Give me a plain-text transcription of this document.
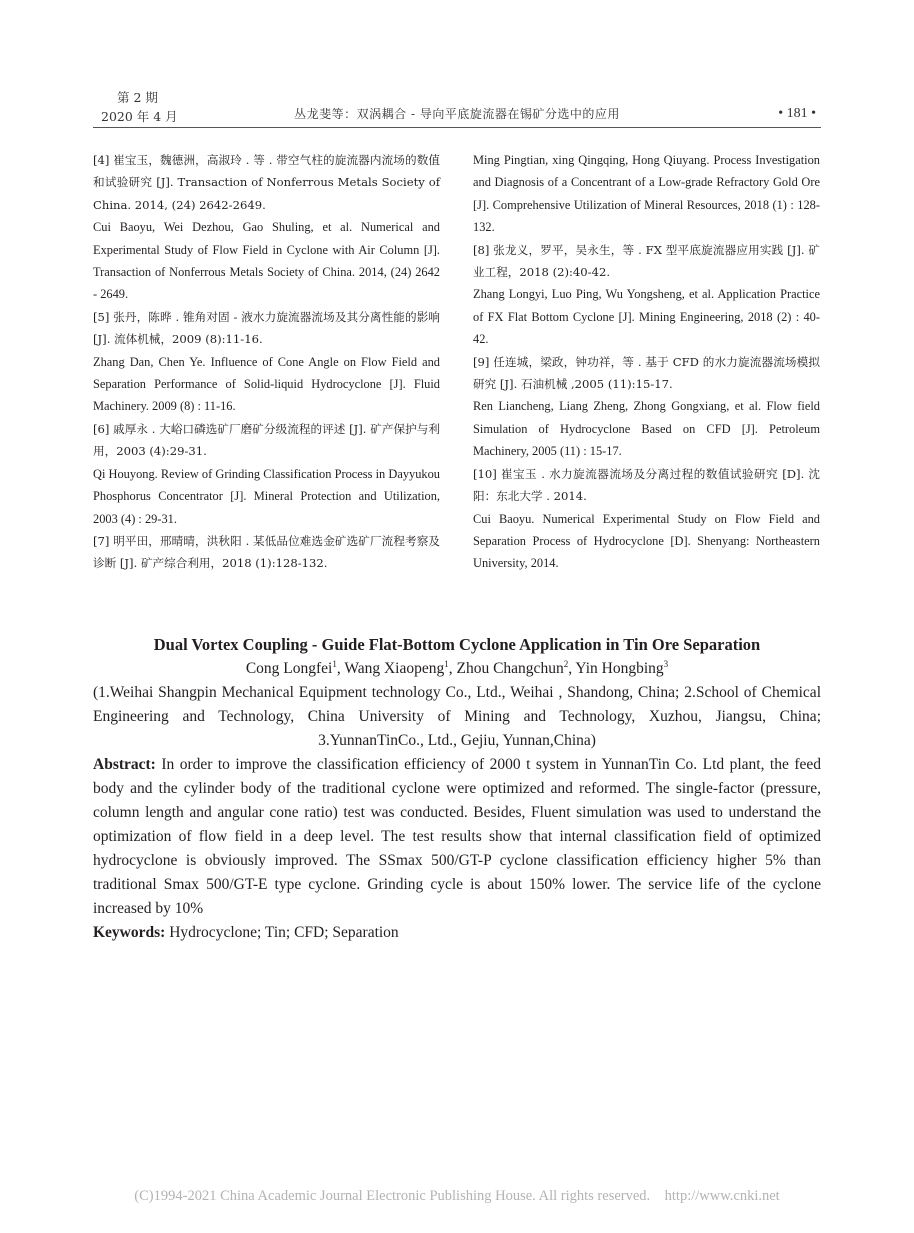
第 2 期
2020 年 4 月	丛龙斐等：双涡耦合 - 导向平底旋流器在锡矿分选中的应用	• 181 •

[4] 崔宝玉，魏德洲，高淑玲 . 等 . 带空气柱的旋流器内流场的数值和试验研究 [J]. Transaction of Nonferrous Metals Society of China. 2014, (24) 2642-2649.

Cui Baoyu, Wei Dezhou, Gao Shuling, et al. Numerical and Experimental Study of Flow Field in Cyclone with Air Column [J]. Transaction of Nonferrous Metals Society of China. 2014, (24) 2642 - 2649.

[5] 张丹，陈晔 . 锥角对固 - 液水力旋流器流场及其分离性能的影响 [J]. 流体机械，2009 (8):11-16.

Zhang Dan, Chen Ye. Influence of Cone Angle on Flow Field and Separation Performance of Solid-liquid Hydrocyclone [J]. Fluid Machinery. 2009 (8) : 11-16.

[6] 戚厚永 . 大峪口磷选矿厂磨矿分级流程的评述 [J]. 矿产保护与利用，2003 (4):29-31.

Qi Houyong. Review of Grinding Classification Process in Dayyukou Phosphorus Concentrator [J]. Mineral Protection and Utilization, 2003 (4) : 29-31.

[7] 明平田，邢晴晴，洪秋阳 . 某低品位难选金矿选矿厂流程考察及诊断 [J]. 矿产综合利用，2018 (1):128-132.

Ming Pingtian, xing Qingqing, Hong Qiuyang. Process Investigation and Diagnosis of a Concentrant of a Low-grade Refractory Gold Ore [J]. Comprehensive Utilization of Mineral Resources, 2018 (1) : 128-132.

[8] 张龙义，罗平，吴永生，等 . FX 型平底旋流器应用实践 [J]. 矿业工程，2018 (2):40-42.

Zhang Longyi, Luo Ping, Wu Yongsheng, et al. Application Practice of FX Flat Bottom Cyclone [J]. Mining Engineering, 2018 (2) : 40-42.

[9] 任连城，梁政，钟功祥，等 . 基于 CFD 的水力旋流器流场模拟研究 [J]. 石油机械 ,2005 (11):15-17.

Ren Liancheng, Liang Zheng, Zhong Gongxiang, et al. Flow field Simulation of Hydrocyclone Based on CFD [J]. Petroleum Machinery, 2005 (11) : 15-17.

[10] 崔宝玉 . 水力旋流器流场及分离过程的数值试验研究 [D]. 沈阳：东北大学 . 2014.

Cui Baoyu. Numerical Experimental Study on Flow Field and Separation Process of Hydrocyclone [D]. Shenyang: Northeastern University, 2014.

Dual Vortex Coupling - Guide Flat-Bottom Cyclone Application in Tin Ore Separation

Cong Longfei$^1$, Wang Xiaopeng$^1$, Zhou Changchun$^2$, Yin Hongbing$^3$

(1.Weihai Shangpin Mechanical Equipment technology Co., Ltd., Weihai , Shandong, China; 2.School of Chemical Engineering and Technology, China University of Mining and Technology, Xuzhou, Jiangsu, China; 3.YunnanTinCo., Ltd., Gejiu, Yunnan,China)

Abstract: In order to improve the classification efficiency of 2000 t system in YunnanTin Co. Ltd plant, the feed body and the cylinder body of the traditional cyclone were optimized and reformed. The single-factor (pressure, column length and angular cone ratio) test was conducted. Besides, Fluent simulation was used to understand the optimization of flow field in a deep level. The test results show that internal classification field of optimized hydrocyclone is obviously improved. The SSmax 500/GT-P cyclone classification efficiency higher 5% than traditional Smax 500/GT-E type cyclone. Grinding cycle is about 150% lower. The service life of the cyclone increased by 10%

Keywords: Hydrocyclone; Tin; CFD; Separation

(C)1994-2021 China Academic Journal Electronic Publishing House. All rights reserved.    http://www.cnki.net
